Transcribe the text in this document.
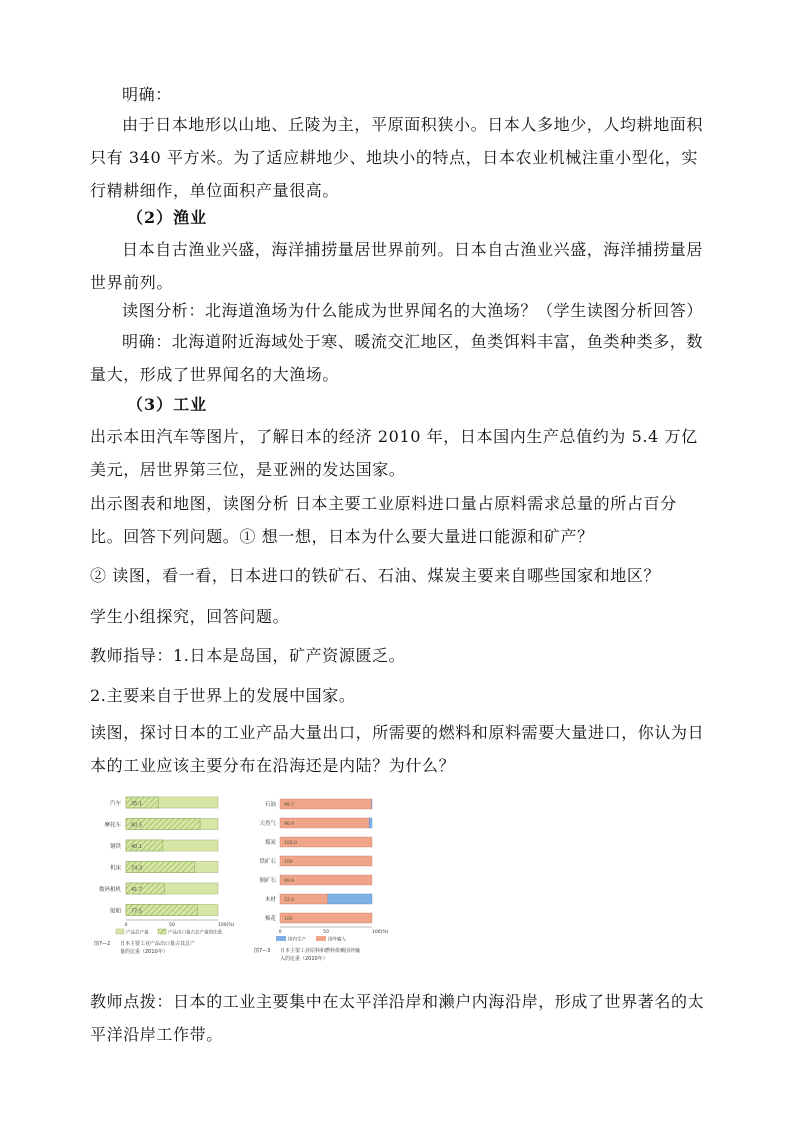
明确：

由于日本地形以山地、丘陵为主，平原面积狭小。日本人多地少，人均耕地面积只有 340 平方米。为了适应耕地少、地块小的特点，日本农业机械注重小型化，实行精耕细作，单位面积产量很高。

（2）渔业

日本自古渔业兴盛，海洋捕捞量居世界前列。日本自古渔业兴盛，海洋捕捞量居世界前列。

读图分析：北海道渔场为什么能成为世界闻名的大渔场？（学生读图分析回答）

明确：北海道附近海域处于寒、暖流交汇地区，鱼类饵料丰富，鱼类种类多，数量大，形成了世界闻名的大渔场。

（3）工业

出示本田汽车等图片，了解日本的经济 2010 年，日本国内生产总值约为 5.4 万亿美元，居世界第三位，是亚洲的发达国家。

出示图表和地图，读图分析 日本主要工业原料进口量占原料需求总量的所占百分比。回答下列问题。① 想一想，日本为什么要大量进口能源和矿产？

② 读图，看一看，日本进口的铁矿石、石油、煤炭主要来自哪些国家和地区？

学生小组探究，回答问题。

教师指导：1.日本是岛国，矿产资源匮乏。

2.主要来自于世界上的发展中国家。

读图，探讨日本的工业产品大量出口，所需要的燃料和原料需要大量进口，你认为日本的工业应该主要分布在沿海还是内陆？为什么？

汽车 35.1
摩托车 80.5
钢铁 40.1
机床 74.3
数码相机 41.7
船舶 77.5
0	50	100(%)
产品总产量	产品出口量占总产量的比重
图7—2 日本主要工业产品出口量占其总产
量的比重（2010年）
石油 99.7
天然气 96.9
煤炭 100.0
铁矿石 100
铜矿石 99.9
木材 52.0
棉花 100
0	50	100(%)
国内生产	国外输入
图7—3 日本主要工业原料和燃料依赖国外输
入的比重（2010年）

教师点拨：日本的工业主要集中在太平洋沿岸和濑户内海沿岸，形成了世界著名的太平洋沿岸工作带。
